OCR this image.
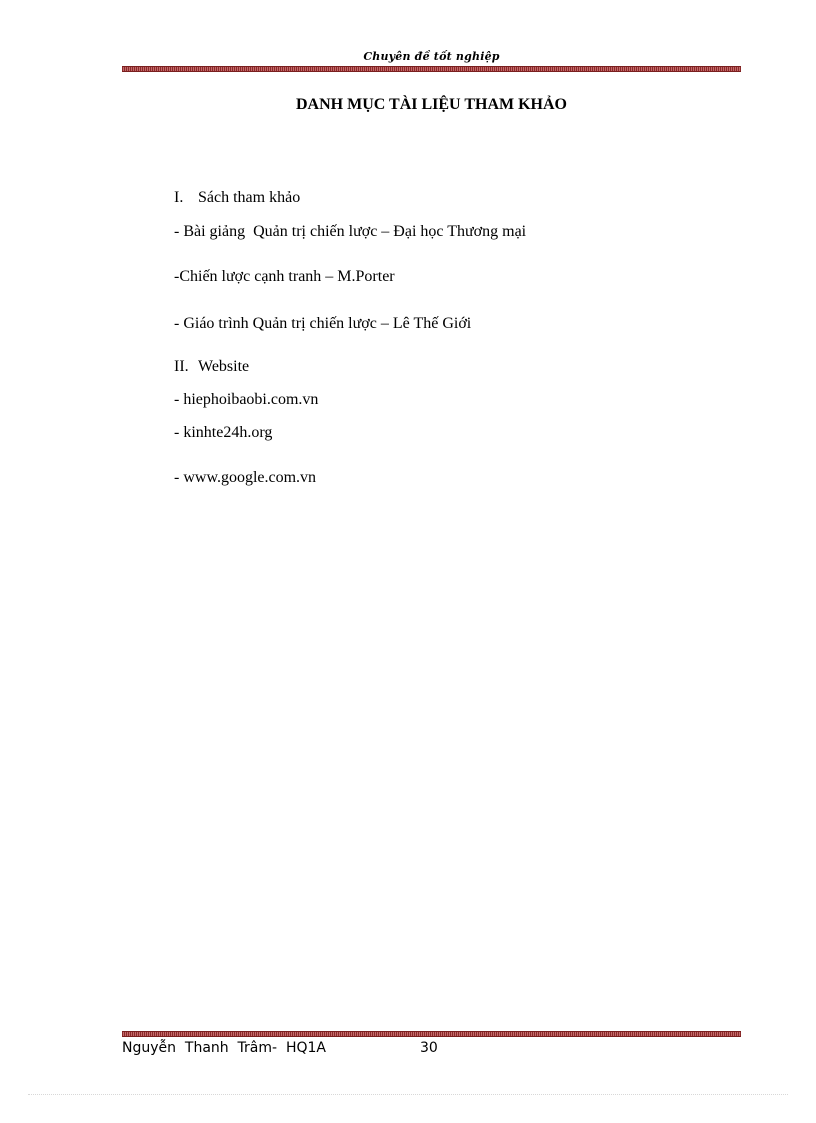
Chuyên đề tốt nghiệp
DANH MỤC TÀI LIỆU THAM KHẢO
I. Sách tham khảo
- Bài giảng  Quản trị chiến lược – Đại học Thương mại
-Chiến lược cạnh tranh – M.Porter
- Giáo trình Quản trị chiến lược – Lê Thế Giới
II. Website
- hiephoibaobi.com.vn
- kinhte24h.org
- www.google.com.vn
Nguyễn  Thanh  Trâm-  HQ1A	30
